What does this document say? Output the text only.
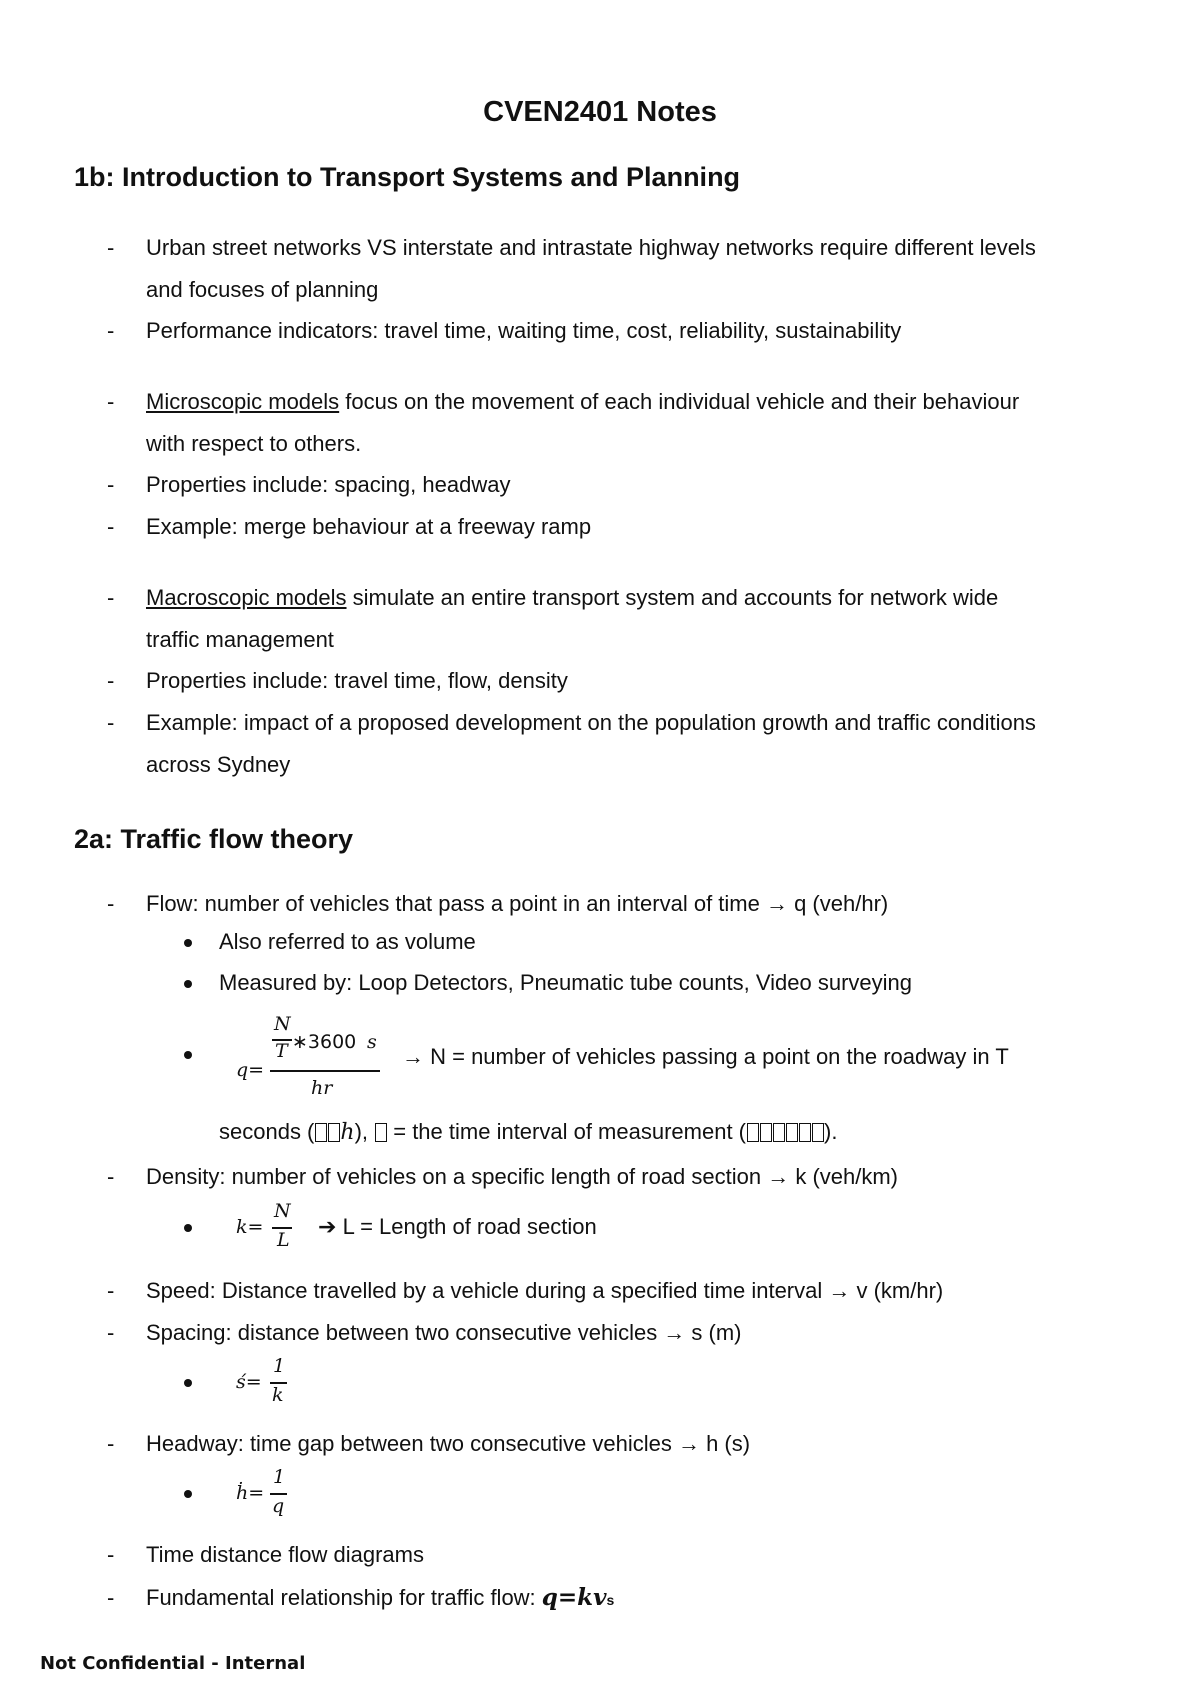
CVEN2401 Notes
1b: Introduction to Transport Systems and Planning
- Urban street networks VS interstate and intrastate highway networks require different levels
and focuses of planning
- Performance indicators: travel time, waiting time, cost, reliability, sustainability
- Microscopic models focus on the movement of each individual vehicle and their behaviour
with respect to others.
- Properties include: spacing, headway
- Example: merge behaviour at a freeway ramp
- Macroscopic models simulate an entire transport system and accounts for network wide
traffic management
- Properties include: travel time, flow, density
- Example: impact of a proposed development on the population growth and traffic conditions
across Sydney
2a: Traffic flow theory
- Flow: number of vehicles that pass a point in an interval of time → q (veh/hr)
Also referred to as volume
Measured by: Loop Detectors, Pneumatic tube counts, Video surveying
q=
N
T ∗3600 s
hr
→ N = number of vehicles passing a point on the roadway in T
seconds ( h),  = the time interval of measurement (	).
- Density: number of vehicles on a specific length of road section → k (veh/km)
k=
N
L
➔ L = Length of road section
- Speed: Distance travelled by a vehicle during a specified time interval → v (km/hr)
- Spacing: distance between two consecutive vehicles → s (m)
ś=
1
k
- Headway: time gap between two consecutive vehicles → h (s)
ḣ=
1
q
- Time distance flow diagrams
- Fundamental relationship for traffic flow: q=kvs
Not Confidential - Internal
